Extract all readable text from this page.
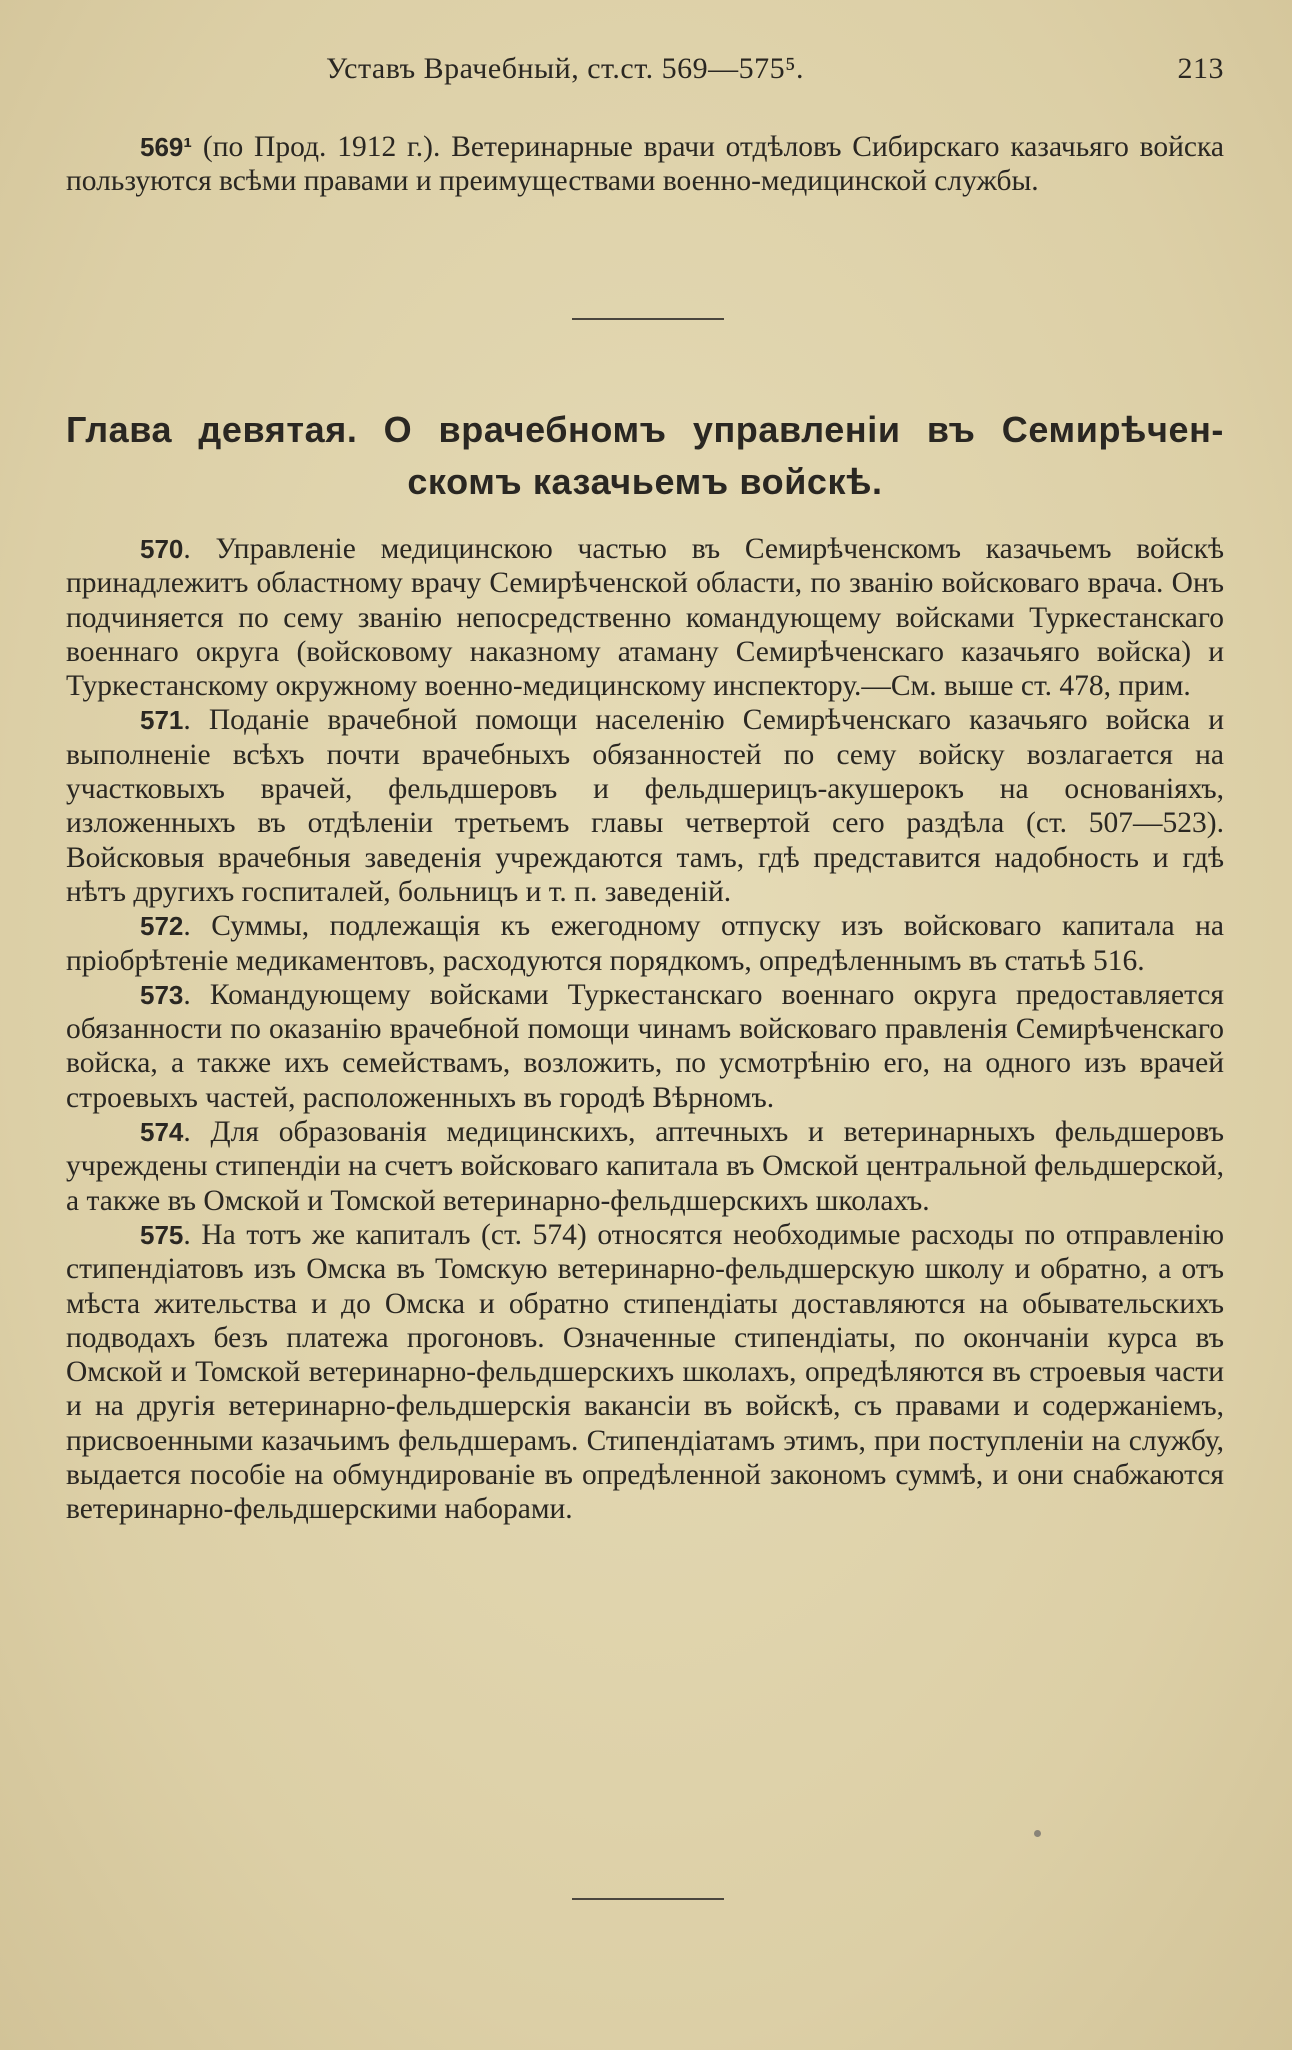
Уставъ Врачебный, ст.ст. 569—575⁵.	213

569¹ (по Прод. 1912 г.). Ветеринарные врачи отдѣловъ Сибирскаго казачьяго войска пользуются всѣми правами и преимуществами военно-медицинской службы.

Глава девятая. О врачебномъ управленiи въ Семирѣчен-
скомъ казачьемъ войскѣ.

570. Управленіе медицинскою частью въ Семирѣченскомъ казачьемъ войскѣ принадлежитъ областному врачу Семирѣченской области, по званію войсковаго врача. Онъ подчиняется по сему званію непосредственно командующему войсками Туркестанскаго военнаго округа (войсковому наказному атаману Семирѣченскаго казачьяго войска) и Туркестанскому окружному военно-медицинскому инспектору.—См. выше ст. 478, прим.

571. Поданіе врачебной помощи населенію Семирѣченскаго казачьяго войска и выполненіе всѣхъ почти врачебныхъ обязанностей по сему войску возлагается на участковыхъ врачей, фельдшеровъ и фельдшерицъ-акушерокъ на основаніяхъ, изложенныхъ въ отдѣленіи третьемъ главы четвертой сего раздѣла (ст. 507—523). Войсковыя врачебныя заведенія учреждаются тамъ, гдѣ представится надобность и гдѣ нѣтъ другихъ госпиталей, больницъ и т. п. заведеній.

572. Суммы, подлежащія къ ежегодному отпуску изъ войсковаго капитала на пріобрѣтеніе медикаментовъ, расходуются порядкомъ, опредѣленнымъ въ статьѣ 516.

573. Командующему войсками Туркестанскаго военнаго округа предоставляется обязанности по оказанію врачебной помощи чинамъ войсковаго правленія Семирѣченскаго войска, а также ихъ семействамъ, возложить, по усмотрѣнію его, на одного изъ врачей строевыхъ частей, расположенныхъ въ городѣ Вѣрномъ.

574. Для образованія медицинскихъ, аптечныхъ и ветеринарныхъ фельдшеровъ учреждены стипендіи на счетъ войсковаго капитала въ Омской центральной фельдшерской, а также въ Омской и Томской ветеринарно-фельдшерскихъ школахъ.

575. На тотъ же капиталъ (ст. 574) относятся необходимые расходы по отправленію стипендіатовъ изъ Омска въ Томскую ветеринарно-фельдшерскую школу и обратно, а отъ мѣста жительства и до Омска и обратно стипендіаты доставляются на обывательскихъ подводахъ безъ платежа прогоновъ. Означенные стипендіаты, по окончаніи курса въ Омской и Томской ветеринарно-фельдшерскихъ школахъ, опредѣляются въ строевыя части и на другія ветеринарно-фельдшерскія вакансіи въ войскѣ, съ правами и содержаніемъ, присвоенными казачьимъ фельдшерамъ. Стипендіатамъ этимъ, при поступленіи на службу, выдается пособіе на обмундированіе въ опредѣленной закономъ суммѣ, и они снабжаются ветеринарно-фельдшерскими наборами.
